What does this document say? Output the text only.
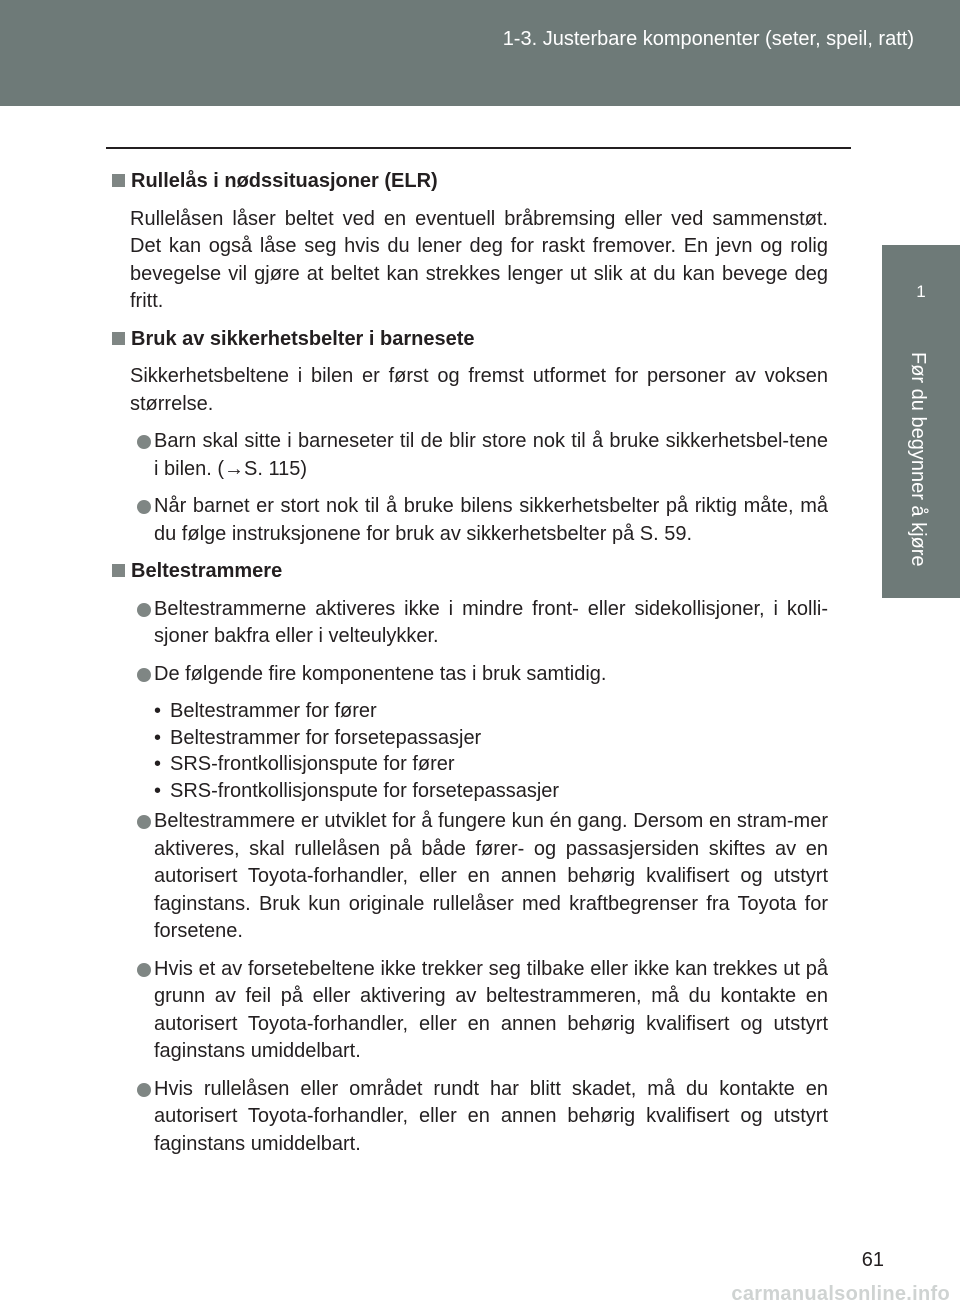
1-3. Justerbare komponenter (seter, speil, ratt)
1
Før du begynner å kjøre
Rullelås i nødssituasjoner (ELR)
Rullelåsen låser beltet ved en eventuell bråbremsing eller ved sammenstøt. Det kan også låse seg hvis du lener deg for raskt fremover. En jevn og rolig bevegelse vil gjøre at beltet kan strekkes lenger ut slik at du kan bevege deg fritt.
Bruk av sikkerhetsbelter i barnesete
Sikkerhetsbeltene i bilen er først og fremst utformet for personer av voksen størrelse.
Barn skal sitte i barneseter til de blir store nok til å bruke sikkerhetsbel-tene i bilen. (→S. 115)
Når barnet er stort nok til å bruke bilens sikkerhetsbelter på riktig måte, må du følge instruksjonene for bruk av sikkerhetsbelter på S. 59.
Beltestrammere
Beltestrammerne aktiveres ikke i mindre front- eller sidekollisjoner, i kolli-sjoner bakfra eller i velteulykker.
De følgende fire komponentene tas i bruk samtidig.
• Beltestrammer for fører
• Beltestrammer for forsetepassasjer
• SRS-frontkollisjonspute for fører
• SRS-frontkollisjonspute for forsetepassasjer
Beltestrammere er utviklet for å fungere kun én gang. Dersom en stram-mer aktiveres, skal rullelåsen på både fører- og passasjersiden skiftes av en autorisert Toyota-forhandler, eller en annen behørig kvalifisert og utstyrt faginstans. Bruk kun originale rullelåser med kraftbegrenser fra Toyota for forsetene.
Hvis et av forsetebeltene ikke trekker seg tilbake eller ikke kan trekkes ut på grunn av feil på eller aktivering av beltestrammeren, må du kontakte en autorisert Toyota-forhandler, eller en annen behørig kvalifisert og utstyrt faginstans umiddelbart.
Hvis rullelåsen eller området rundt har blitt skadet, må du kontakte en autorisert Toyota-forhandler, eller en annen behørig kvalifisert og utstyrt faginstans umiddelbart.
61
carmanualsonline.info
